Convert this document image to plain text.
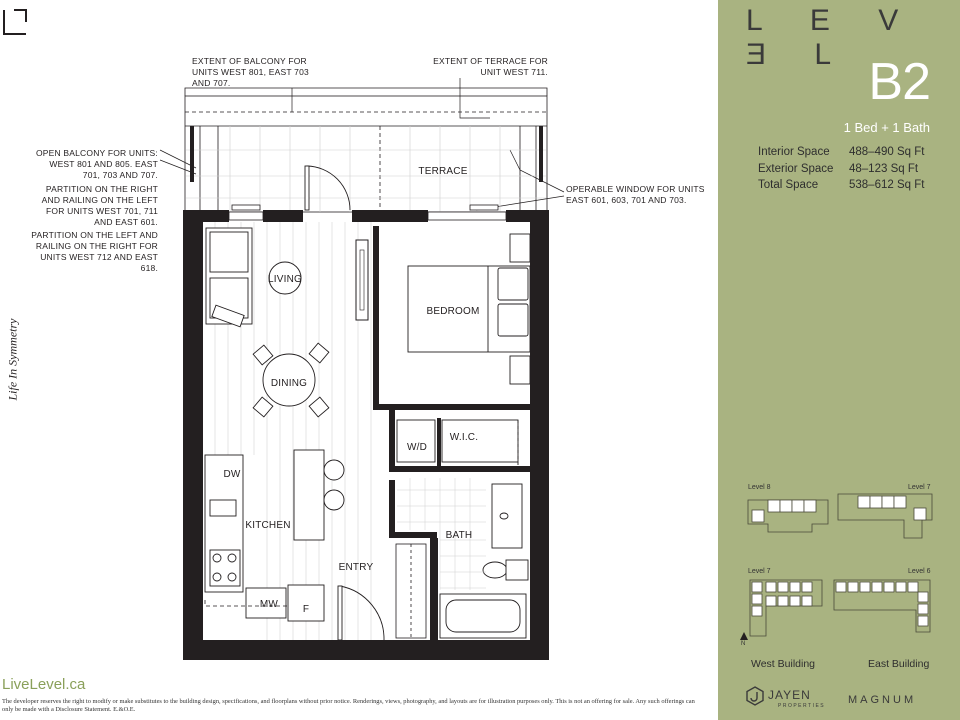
Life In Symmetry
EXTENT OF BALCONY FOR UNITS WEST 801, EAST 703 AND 707.
EXTENT OF TERRACE FOR UNIT WEST 711.
OPEN BALCONY FOR UNITS: WEST 801 AND 805. EAST 701, 703 AND 707.
PARTITION ON THE RIGHT AND RAILING ON THE LEFT FOR UNITS WEST 701, 711 AND EAST 601.
PARTITION ON THE LEFT AND RAILING ON THE RIGHT FOR UNITS WEST 712 AND EAST 618.
OPERABLE WINDOW FOR UNITS EAST 601, 603, 701 AND 703.
TERRACE
LIVING
BEDROOM
DINING
W/D
W.I.C.
DW
KITCHEN
BATH
ENTRY
MW F
LiveLevel.ca
The developer reserves the right to modify or make substitutes to the building design, specifications, and floorplans without prior notice. Renderings, views, photography, and layouts are for illustration purposes only. This is not an offering for sale. Any such offerings can only be made with a Disclosure Statement. E.&O.E.
L E V Ǝ L B2
1 Bed + 1 Bath
Interior Space	488–490 Sq Ft
Exterior Space	48–123 Sq Ft
Total Space	538–612 Sq Ft
Level 8	Level 7
Level 7	Level 6
N
West Building	East Building
JAYEN
PROPERTIES MAGNUM
